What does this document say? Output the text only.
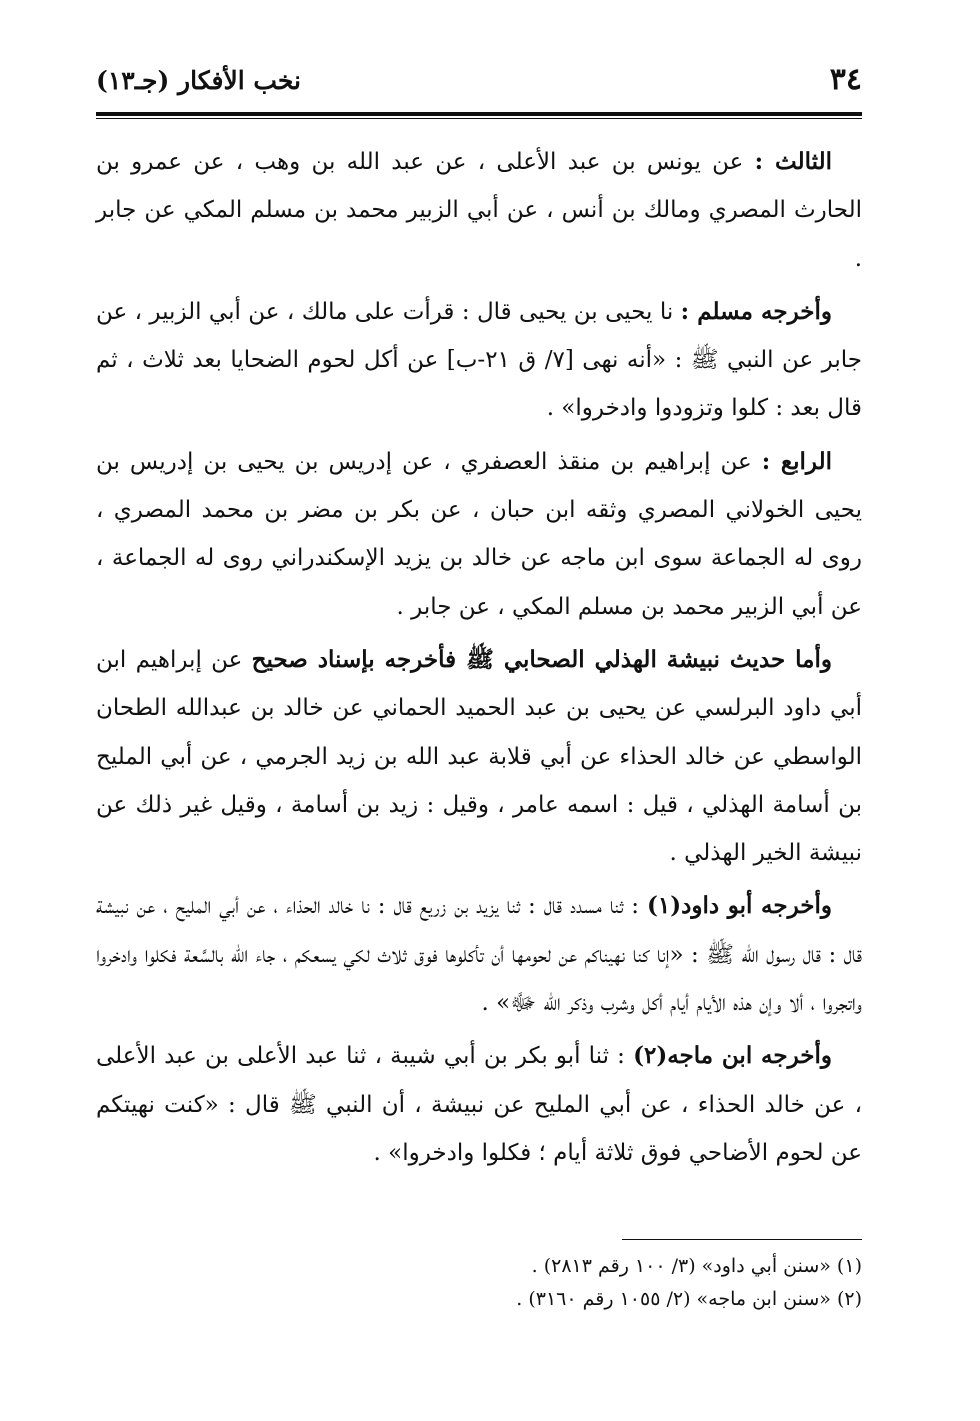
٣٤
نخب الأفكار (جـ١٣)

الثالث : عن يونس بن عبد الأعلى ، عن عبد الله بن وهب ، عن عمرو بن الحارث المصري ومالك بن أنس ، عن أبي الزبير محمد بن مسلم المكي عن جابر .

وأخرجه مسلم : نا يحيى بن يحيى قال : قرأت على مالك ، عن أبي الزبير ، عن جابر عن النبي ﷺ : «أنه نهى [٧/ ق ٢١-ب] عن أكل لحوم الضحايا بعد ثلاث ، ثم قال بعد : كلوا وتزودوا وادخروا» .

الرابع : عن إبراهيم بن منقذ العصفري ، عن إدريس بن يحيى بن إدريس بن يحيى الخولاني المصري وثقه ابن حبان ، عن بكر بن مضر بن محمد المصري ، روى له الجماعة سوى ابن ماجه عن خالد بن يزيد الإسكندراني روى له الجماعة ، عن أبي الزبير محمد بن مسلم المكي ، عن جابر .

وأما حديث نبيشة الهذلي الصحابي ﷺ فأخرجه بإسناد صحيح عن إبراهيم ابن أبي داود البرلسي عن يحيى بن عبد الحميد الحماني عن خالد بن عبدالله الطحان الواسطي عن خالد الحذاء عن أبي قلابة عبد الله بن زيد الجرمي ، عن أبي المليح بن أسامة الهذلي ، قيل : اسمه عامر ، وقيل : زيد بن أسامة ، وقيل غير ذلك عن نبيشة الخير الهذلي .

وأخرجه أبو داود(١) : ثنا مسدد قال : ثنا يزيد بن زريع قال : نا خالد الحذاء ، عن أبي المليح ، عن نبيشة قال : قال رسول الله ﷺ : «إنا كنا نهيناكم عن لحومها أن تأكلوها فوق ثلاث لكي يسعكم ، جاء الله بالسَّعة فكلوا وادخروا واتجروا ، ألا وإن هذه الأيام أيام أكل وشرب وذكر الله ﷻ» .

وأخرجه ابن ماجه(٢) : ثنا أبو بكر بن أبي شيبة ، ثنا عبد الأعلى بن عبد الأعلى ، عن خالد الحذاء ، عن أبي المليح عن نبيشة ، أن النبي ﷺ قال : «كنت نهيتكم عن لحوم الأضاحي فوق ثلاثة أيام ؛ فكلوا وادخروا» .

(١) «سنن أبي داود» (٣/ ١٠٠ رقم ٢٨١٣) .

(٢) «سنن ابن ماجه» (٢/ ١٠٥٥ رقم ٣١٦٠) .
